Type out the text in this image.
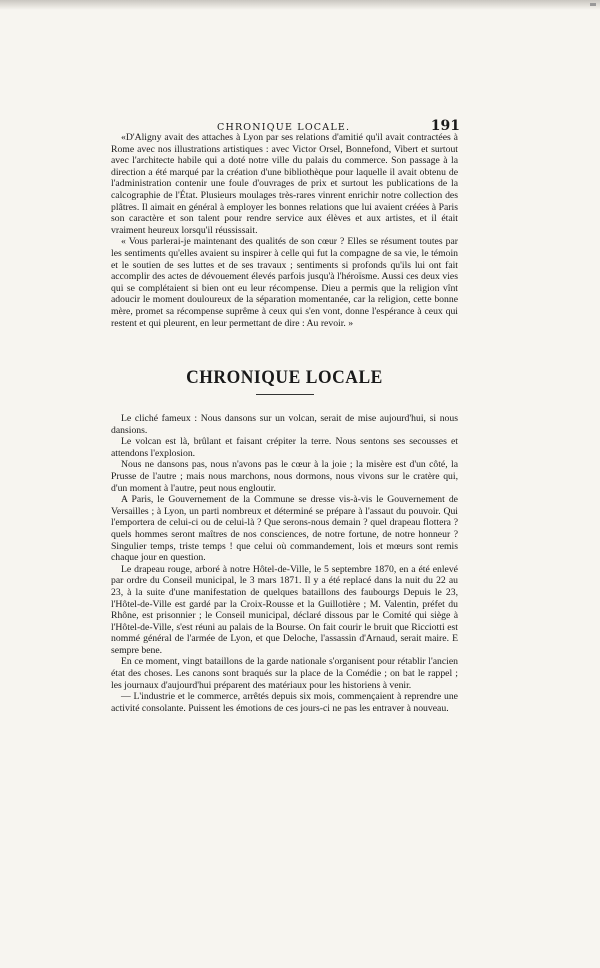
CHRONIQUE LOCALE.	191

«D'Aligny avait des attaches à Lyon par ses relations d'amitié qu'il avait contractées à Rome avec nos illustrations artistiques : avec Victor Orsel, Bonnefond, Vibert et surtout avec l'architecte habile qui a doté notre ville du palais du commerce. Son passage à la direction a été marqué par la création d'une bibliothèque pour laquelle il avait obtenu de l'administration contenir une foule d'ouvrages de prix et surtout les publications de la calcographie de l'État. Plusieurs moulages très-rares vinrent enrichir notre collection des plâtres. Il aimait en général à employer les bonnes relations que lui avaient créées à Paris son caractère et son talent pour rendre service aux élèves et aux artistes, et il était vraiment heureux lorsqu'il réussissait.

« Vous parlerai-je maintenant des qualités de son cœur ? Elles se résument toutes par les sentiments qu'elles avaient su inspirer à celle qui fut la compagne de sa vie, le témoin et le soutien de ses luttes et de ses travaux ; sentiments si profonds qu'ils lui ont fait accomplir des actes de dévouement élevés parfois jusqu'à l'héroïsme. Aussi ces deux vies qui se complétaient si bien ont eu leur récompense. Dieu a permis que la religion vînt adoucir le moment douloureux de la séparation momentanée, car la religion, cette bonne mère, promet sa récompense suprême à ceux qui s'en vont, donne l'espérance à ceux qui restent et qui pleurent, en leur permettant de dire : Au revoir. »

CHRONIQUE LOCALE

Le cliché fameux : Nous dansons sur un volcan, serait de mise aujourd'hui, si nous dansions.

Le volcan est là, brûlant et faisant crépiter la terre. Nous sentons ses secousses et attendons l'explosion.

Nous ne dansons pas, nous n'avons pas le cœur à la joie ; la misère est d'un côté, la Prusse de l'autre ; mais nous marchons, nous dormons, nous vivons sur le cratère qui, d'un moment à l'autre, peut nous engloutir.

A Paris, le Gouvernement de la Commune se dresse vis-à-vis le Gouvernement de Versailles ; à Lyon, un parti nombreux et déterminé se prépare à l'assaut du pouvoir. Qui l'emportera de celui-ci ou de celui-là ? Que serons-nous demain ? quel drapeau flottera ? quels hommes seront maîtres de nos consciences, de notre fortune, de notre honneur ? Singulier temps, triste temps ! que celui où commandement, lois et mœurs sont remis chaque jour en question.

Le drapeau rouge, arboré à notre Hôtel-de-Ville, le 5 septembre 1870, en a été enlevé par ordre du Conseil municipal, le 3 mars 1871. Il y a été replacé dans la nuit du 22 au 23, à la suite d'une manifestation de quelques bataillons des faubourgs Depuis le 23, l'Hôtel-de-Ville est gardé par la Croix-Rousse et la Guillotière ; M. Valentin, préfet du Rhône, est prisonnier ; le Conseil municipal, déclaré dissous par le Comité qui siège à l'Hôtel-de-Ville, s'est réuni au palais de la Bourse. On fait courir le bruit que Ricciotti est nommé général de l'armée de Lyon, et que Deloche, l'assassin d'Arnaud, serait maire. E sempre bene.

En ce moment, vingt bataillons de la garde nationale s'organisent pour rétablir l'ancien état des choses. Les canons sont braqués sur la place de la Comédie ; on bat le rappel ; les journaux d'aujourd'hui préparent des matériaux pour les historiens à venir.

— L'industrie et le commerce, arrêtés depuis six mois, commençaient à reprendre une activité consolante. Puissent les émotions de ces jours-ci ne pas les entraver à nouveau.
